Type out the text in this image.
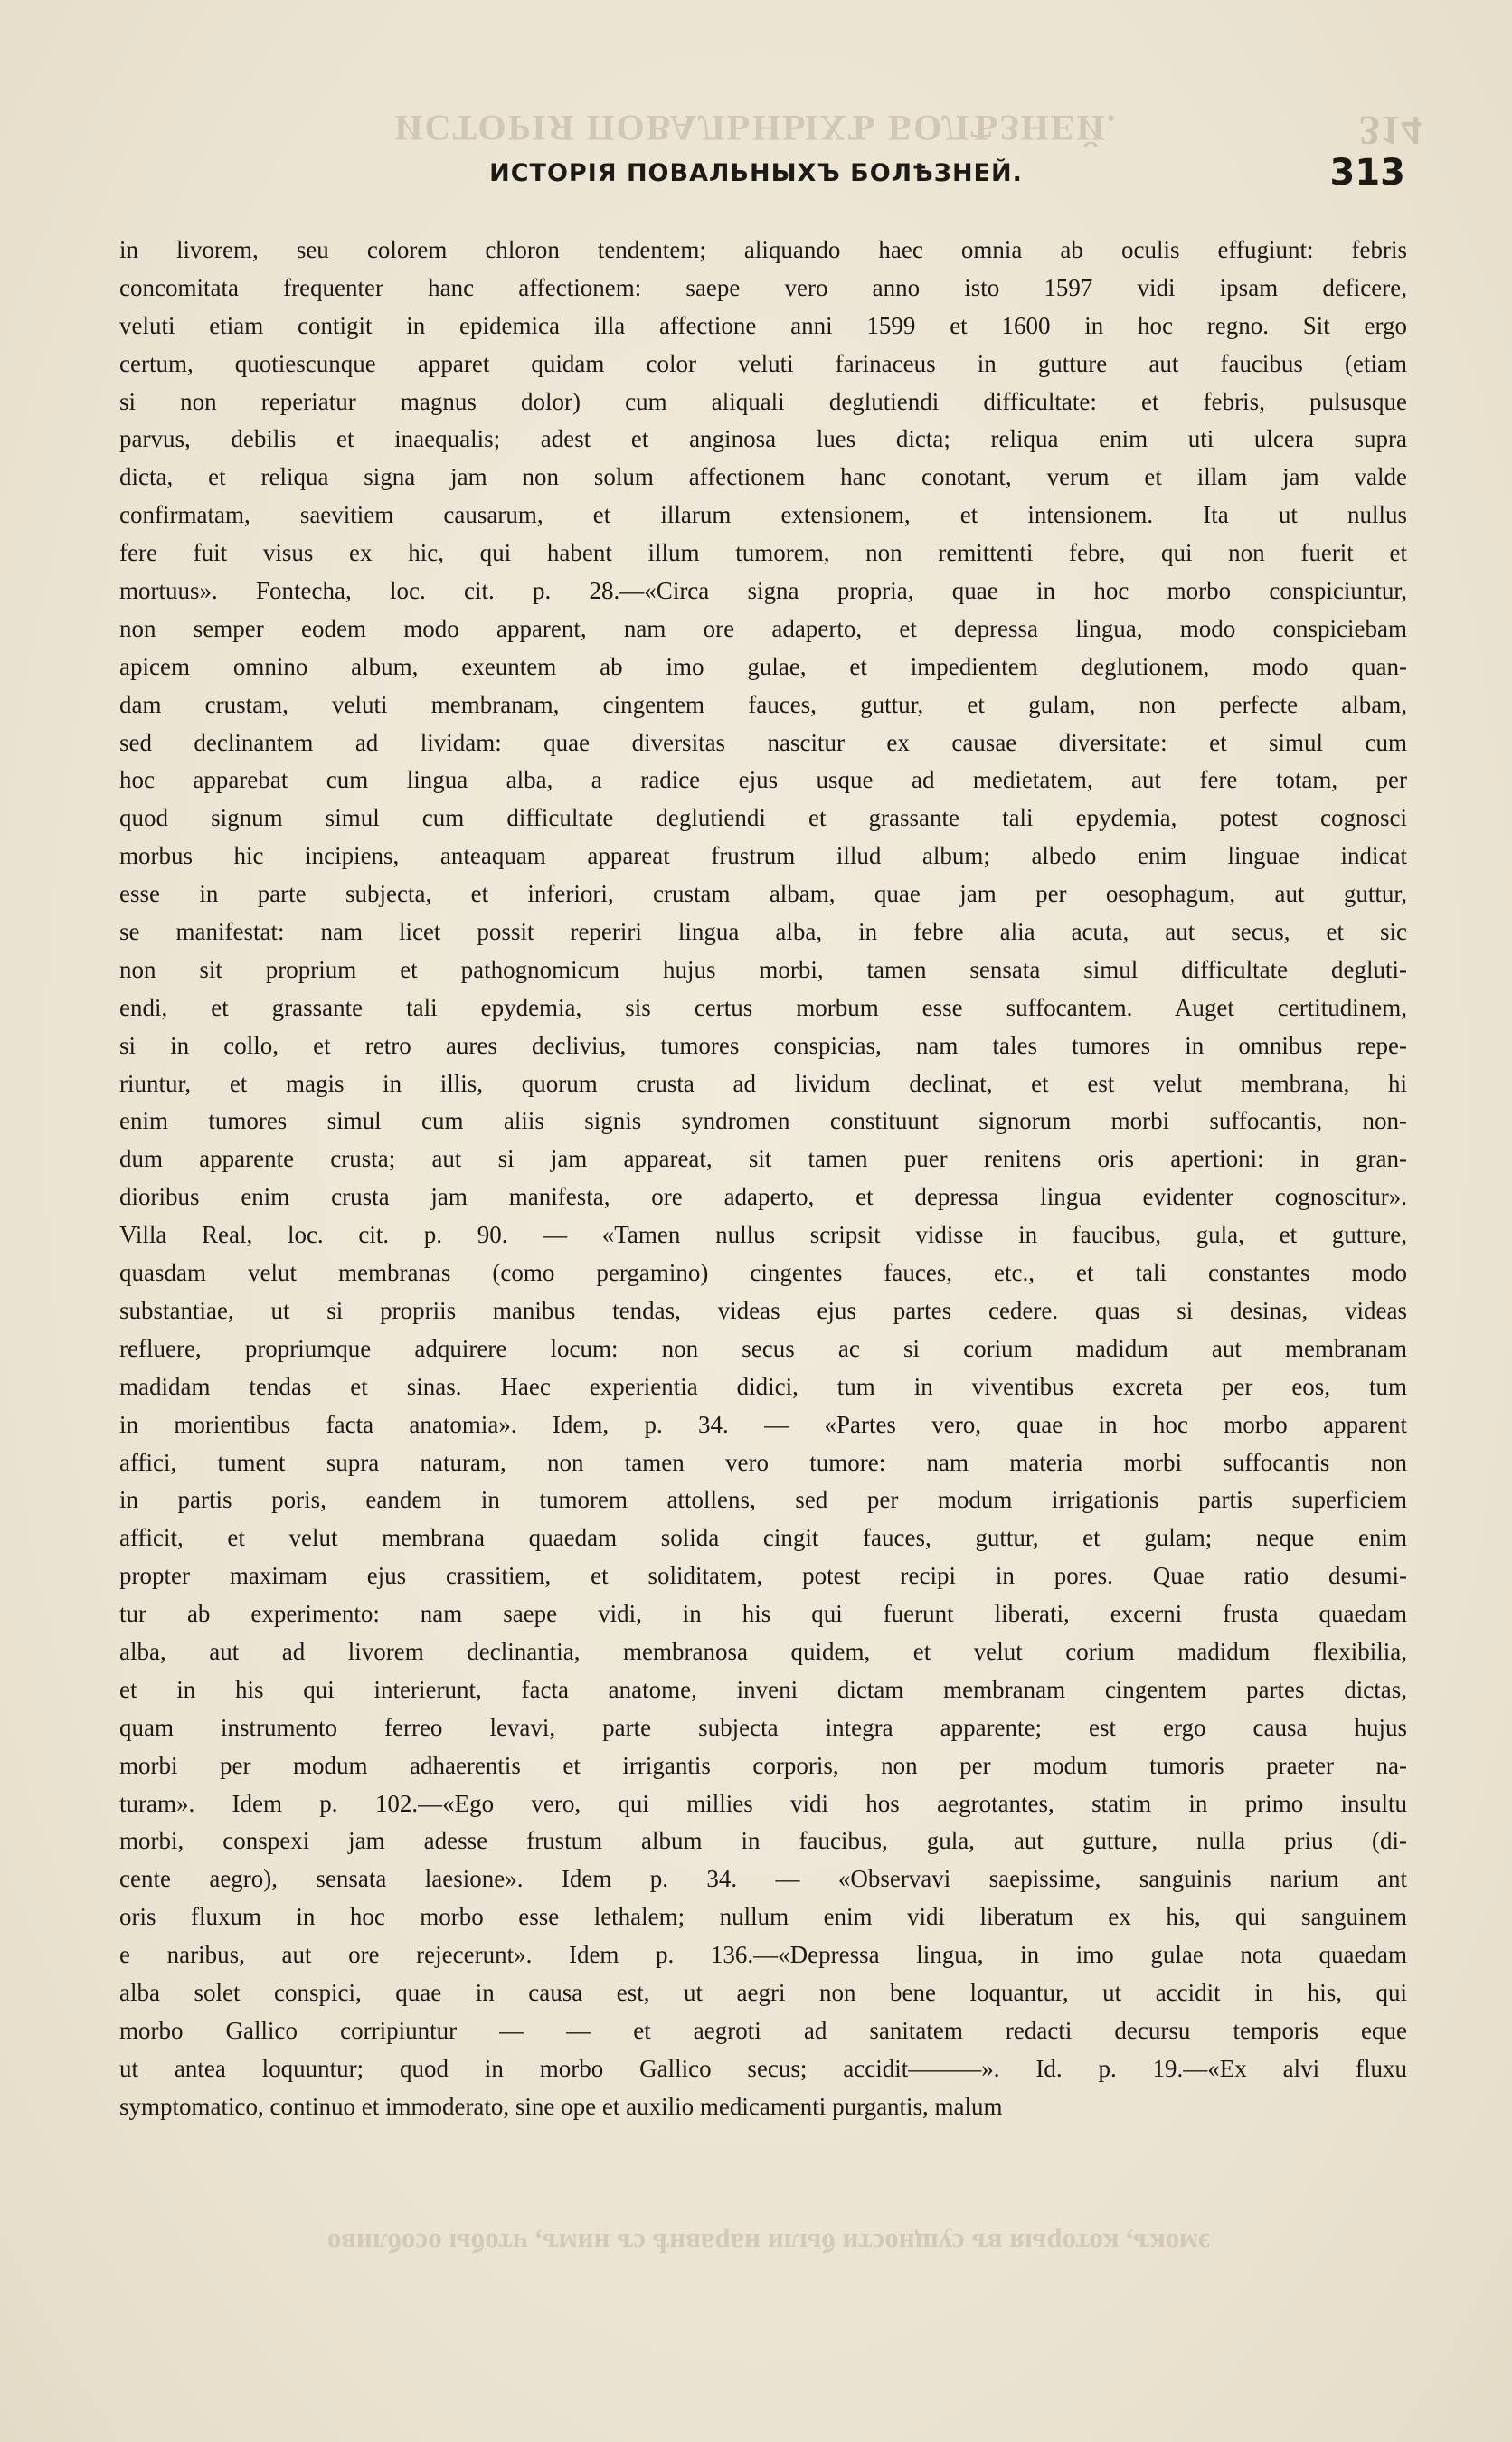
ИСТОРІЯ ПОВАЛЬНЫХЪ БОЛѢЗНЕЙ.	314
ИСТОРІЯ ПОВАЛЬНЫХЪ БОЛѢЗНЕЙ.	313
in livorem, seu colorem chloron tendentem; aliquando haec omnia ab oculis effugiunt: febris
concomitata frequenter hanc affectionem: saepe vero anno isto 1597 vidi ipsam deficere,
veluti etiam contigit in epidemica illa affectione anni 1599 et 1600 in hoc regno. Sit ergo
certum, quotiescunque apparet quidam color veluti farinaceus in gutture aut faucibus (etiam
si non reperiatur magnus dolor) cum aliquali deglutiendi difficultate: et febris, pulsusque
parvus, debilis et inaequalis; adest et anginosa lues dicta; reliqua enim uti ulcera supra
dicta, et reliqua signa jam non solum affectionem hanc conotant, verum et illam jam valde
confirmatam, saevitiem causarum, et illarum extensionem, et intensionem. Ita ut nullus
fere fuit visus ex hic, qui habent illum tumorem, non remittenti febre, qui non fuerit et
mortuus». Fontecha, loc. cit. p. 28.—«Circa signa propria, quae in hoc morbo conspiciuntur,
non semper eodem modo apparent, nam ore adaperto, et depressa lingua, modo conspiciebam
apicem omnino album, exeuntem ab imo gulae, et impedientem deglutionem, modo quan-
dam crustam, veluti membranam, cingentem fauces, guttur, et gulam, non perfecte albam,
sed declinantem ad lividam: quae diversitas nascitur ex causae diversitate: et simul cum
hoc apparebat cum lingua alba, a radice ejus usque ad medietatem, aut fere totam, per
quod signum simul cum difficultate deglutiendi et grassante tali epydemia, potest cognosci
morbus hic incipiens, anteaquam appareat frustrum illud album; albedo enim linguae indicat
esse in parte subjecta, et inferiori, crustam albam, quae jam per oesophagum, aut guttur,
se manifestat: nam licet possit reperiri lingua alba, in febre alia acuta, aut secus, et sic
non sit proprium et pathognomicum hujus morbi, tamen sensata simul difficultate degluti-
endi, et grassante tali epydemia, sis certus morbum esse suffocantem. Auget certitudinem,
si in collo, et retro aures declivius, tumores conspicias, nam tales tumores in omnibus repe-
riuntur, et magis in illis, quorum crusta ad lividum declinat, et est velut membrana, hi
enim tumores simul cum aliis signis syndromen constituunt signorum morbi suffocantis, non-
dum apparente crusta; aut si jam appareat, sit tamen puer renitens oris apertioni: in gran-
dioribus enim crusta jam manifesta, ore adaperto, et depressa lingua evidenter cognoscitur».
Villa Real, loc. cit. p. 90. — «Tamen nullus scripsit vidisse in faucibus, gula, et gutture,
quasdam velut membranas (como pergamino) cingentes fauces, etc., et tali constantes modo
substantiae, ut si propriis manibus tendas, videas ejus partes cedere. quas si desinas, videas
refluere, propriumque adquirere locum: non secus ac si corium madidum aut membranam
madidam tendas et sinas. Haec experientia didici, tum in viventibus excreta per eos, tum
in morientibus facta anatomia». Idem, p. 34. — «Partes vero, quae in hoc morbo apparent
affici, tument supra naturam, non tamen vero tumore: nam materia morbi suffocantis non
in partis poris, eandem in tumorem attollens, sed per modum irrigationis partis superficiem
afficit, et velut membrana quaedam solida cingit fauces, guttur, et gulam; neque enim
propter maximam ejus crassitiem, et soliditatem, potest recipi in pores. Quae ratio desumi-
tur ab experimento: nam saepe vidi, in his qui fuerunt liberati, excerni frusta quaedam
alba, aut ad livorem declinantia, membranosa quidem, et velut corium madidum flexibilia,
et in his qui interierunt, facta anatome, inveni dictam membranam cingentem partes dictas,
quam instrumento ferreo levavi, parte subjecta integra apparente; est ergo causa hujus
morbi per modum adhaerentis et irrigantis corporis, non per modum tumoris praeter na-
turam». Idem p. 102.—«Ego vero, qui millies vidi hos aegrotantes, statim in primo insultu
morbi, conspexi jam adesse frustum album in faucibus, gula, aut gutture, nulla prius (di-
cente aegro), sensata laesione». Idem p. 34. — «Observavi saepissime, sanguinis narium ant
oris fluxum in hoc morbo esse lethalem; nullum enim vidi liberatum ex his, qui sanguinem
e naribus, aut ore rejecerunt». Idem p. 136.—«Depressa lingua, in imo gulae nota quaedam
alba solet conspici, quae in causa est, ut aegri non bene loquantur, ut accidit in his, qui
morbo Gallico corripiuntur — — et aegroti ad sanitatem redacti decursu temporis eque
ut antea loquuntur; quod in morbo Gallico secus; accidit———». Id. p. 19.—«Ex alvi fluxu
symptomatico, continuo et immoderato, sine ope et auxilio medicamenti purgantis, malum
эмокъ, которыя въ сущности были наравнѣ съ нимъ, чтобы особливо
